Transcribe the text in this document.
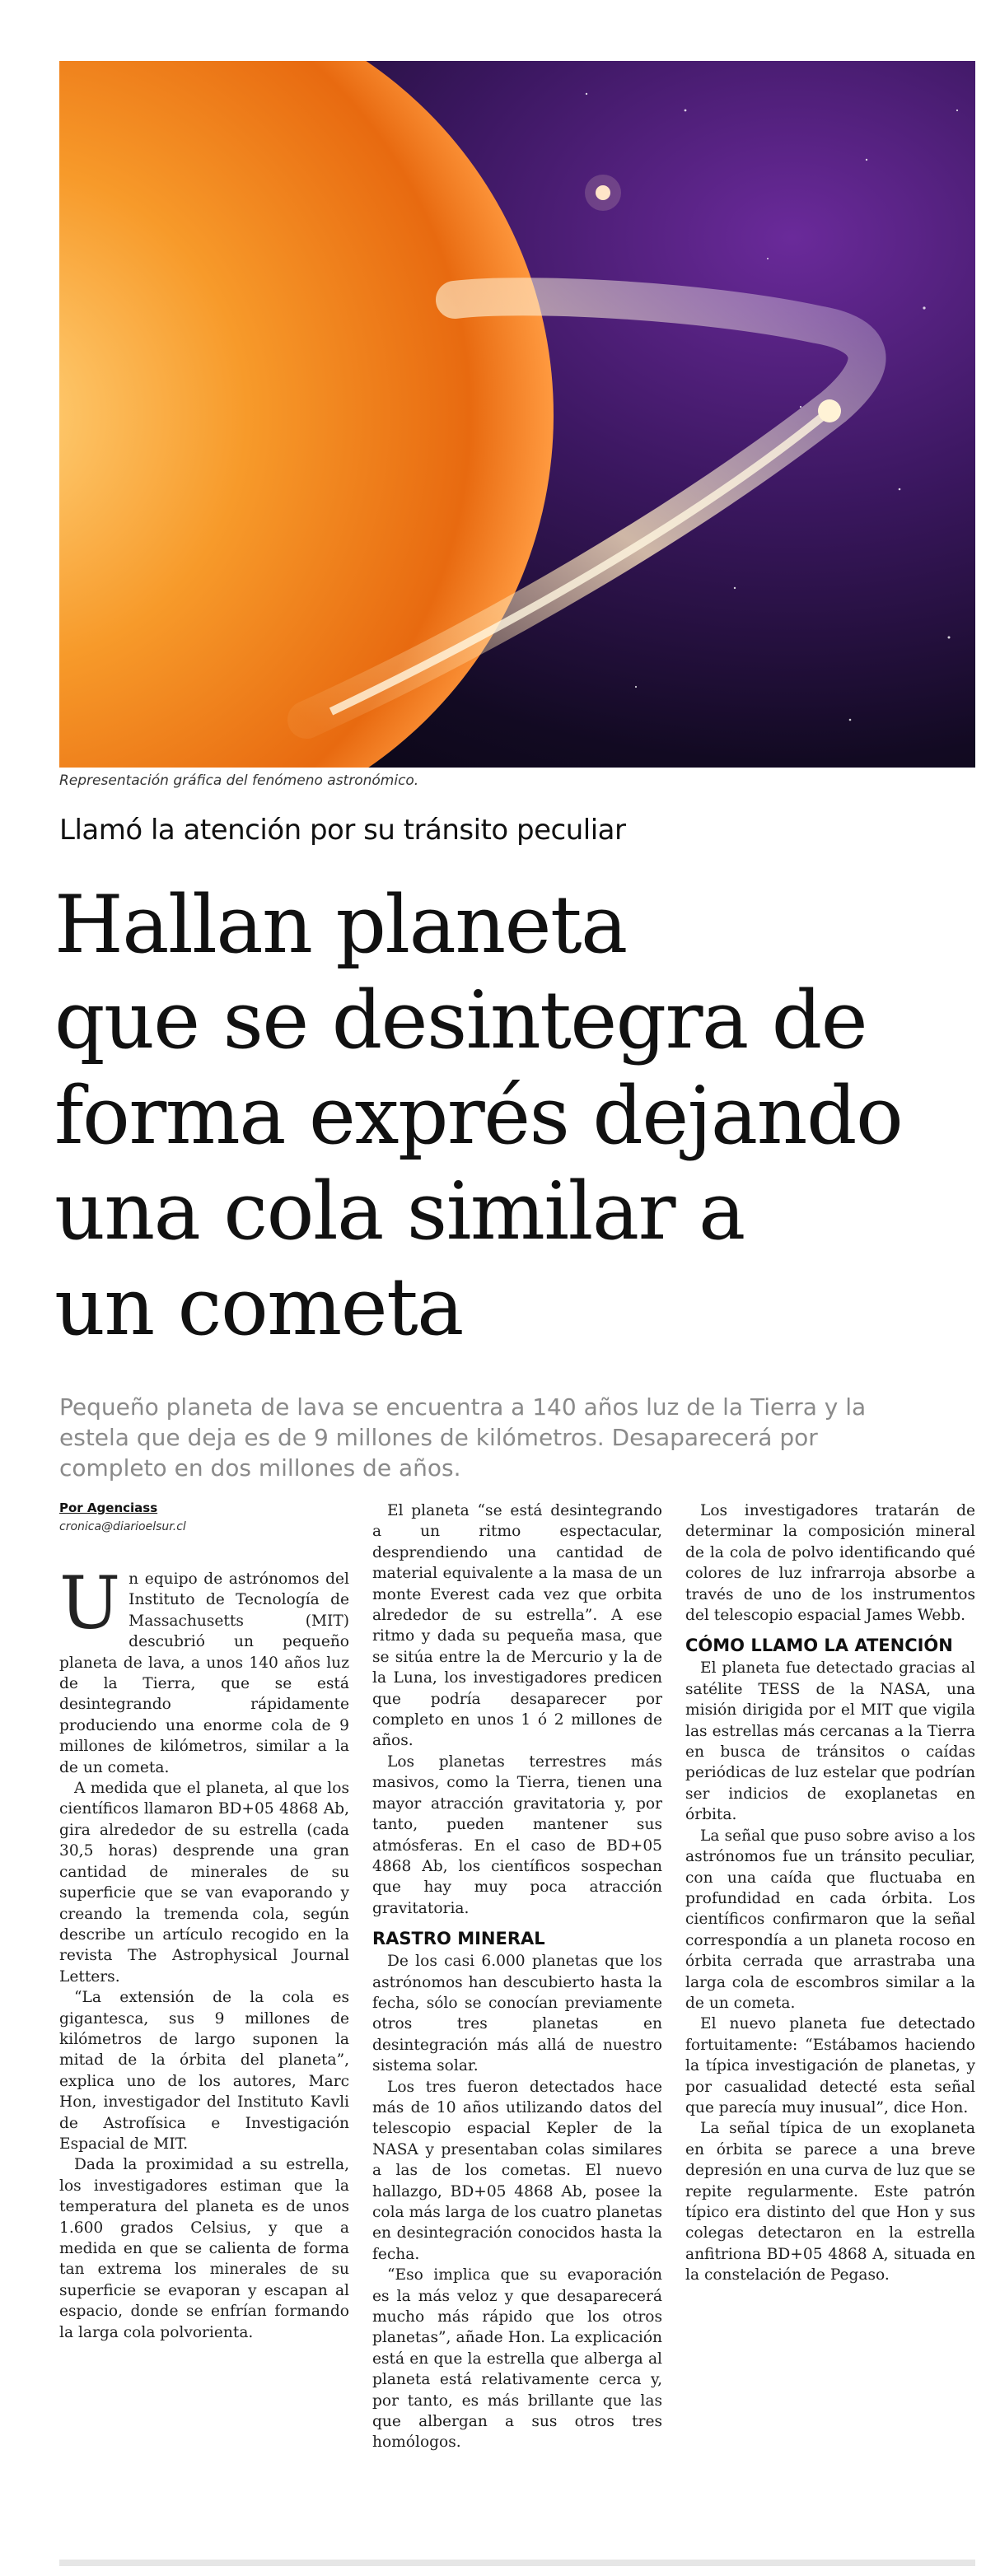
Representación gráfica del fenómeno astronómico.
Llamó la atención por su tránsito peculiar
Hallan planeta
que se desintegra de
forma exprés dejando
una cola similar a
un cometa
Pequeño planeta de lava se encuentra a 140 años luz de la Tierra y la
estela que deja es de 9 millones de kilómetros. Desaparecerá por
completo en dos millones de años.
Por Agenciass
cronica@diarioelsur.cl

Un equipo de astrónomos del Instituto de Tecnología de Massachusetts (MIT) descubrió un pequeño planeta de lava, a unos 140 años luz de la Tierra, que se está desintegrando rápidamente produciendo una enorme cola de 9 millones de kilómetros, similar a la de un cometa.

A medida que el planeta, al que los científicos llamaron BD+05 4868 Ab, gira alrededor de su estrella (cada 30,5 horas) desprende una gran cantidad de minerales de su superficie que se van evaporando y creando la tremenda cola, según describe un artículo recogido en la revista The Astrophysical Journal Letters.

“La extensión de la cola es gigantesca, sus 9 millones de kilómetros de largo suponen la mitad de la órbita del planeta”, explica uno de los autores, Marc Hon, investigador del Instituto Kavli de Astrofísica e Investigación Espacial de MIT.

Dada la proximidad a su estrella, los investigadores estiman que la temperatura del planeta es de unos 1.600 grados Celsius, y que a medida en que se calienta de forma tan extrema los minerales de su superficie se evaporan y escapan al espacio, donde se enfrían formando la larga cola polvorienta.

El planeta “se está desintegrando a un ritmo espectacular, desprendiendo una cantidad de material equivalente a la masa de un monte Everest cada vez que orbita alrededor de su estrella”. A ese ritmo y dada su pequeña masa, que se sitúa entre la de Mercurio y la de la Luna, los investigadores predicen que podría desaparecer por completo en unos 1 ó 2 millones de años.

Los planetas terrestres más masivos, como la Tierra, tienen una mayor atracción gravitatoria y, por tanto, pueden mantener sus atmósferas. En el caso de BD+05 4868 Ab, los científicos sospechan que hay muy poca atracción gravitatoria.

RASTRO MINERAL

De los casi 6.000 planetas que los astrónomos han descubierto hasta la fecha, sólo se conocían previamente otros tres planetas en desintegración más allá de nuestro sistema solar.

Los tres fueron detectados hace más de 10 años utilizando datos del telescopio espacial Kepler de la NASA y presentaban colas similares a las de los cometas. El nuevo hallazgo, BD+05 4868 Ab, posee la cola más larga de los cuatro planetas en desintegración conocidos hasta la fecha.

“Eso implica que su evaporación es la más veloz y que desaparecerá mucho más rápido que los otros planetas”, añade Hon. La explicación está en que la estrella que alberga al planeta está relativamente cerca y, por tanto, es más brillante que las que albergan a sus otros tres homólogos.

Los investigadores tratarán de determinar la composición mineral de la cola de polvo identificando qué colores de luz infrarroja absorbe a través de uno de los instrumentos del telescopio espacial James Webb.

CÓMO LLAMO LA ATENCIÓN

El planeta fue detectado gracias al satélite TESS de la NASA, una misión dirigida por el MIT que vigila las estrellas más cercanas a la Tierra en busca de tránsitos o caídas periódicas de luz estelar que podrían ser indicios de exoplanetas en órbita.

La señal que puso sobre aviso a los astrónomos fue un tránsito peculiar, con una caída que fluctuaba en profundidad en cada órbita. Los científicos confirmaron que la señal correspondía a un planeta rocoso en órbita cerrada que arrastraba una larga cola de escombros similar a la de un cometa.

El nuevo planeta fue detectado fortuitamente: “Estábamos haciendo la típica investigación de planetas, y por casualidad detecté esta señal que parecía muy inusual”, dice Hon.

La señal típica de un exoplaneta en órbita se parece a una breve depresión en una curva de luz que se repite regularmente. Este patrón típico era distinto del que Hon y sus colegas detectaron en la estrella anfitriona BD+05 4868 A, situada en la constelación de Pegaso.
